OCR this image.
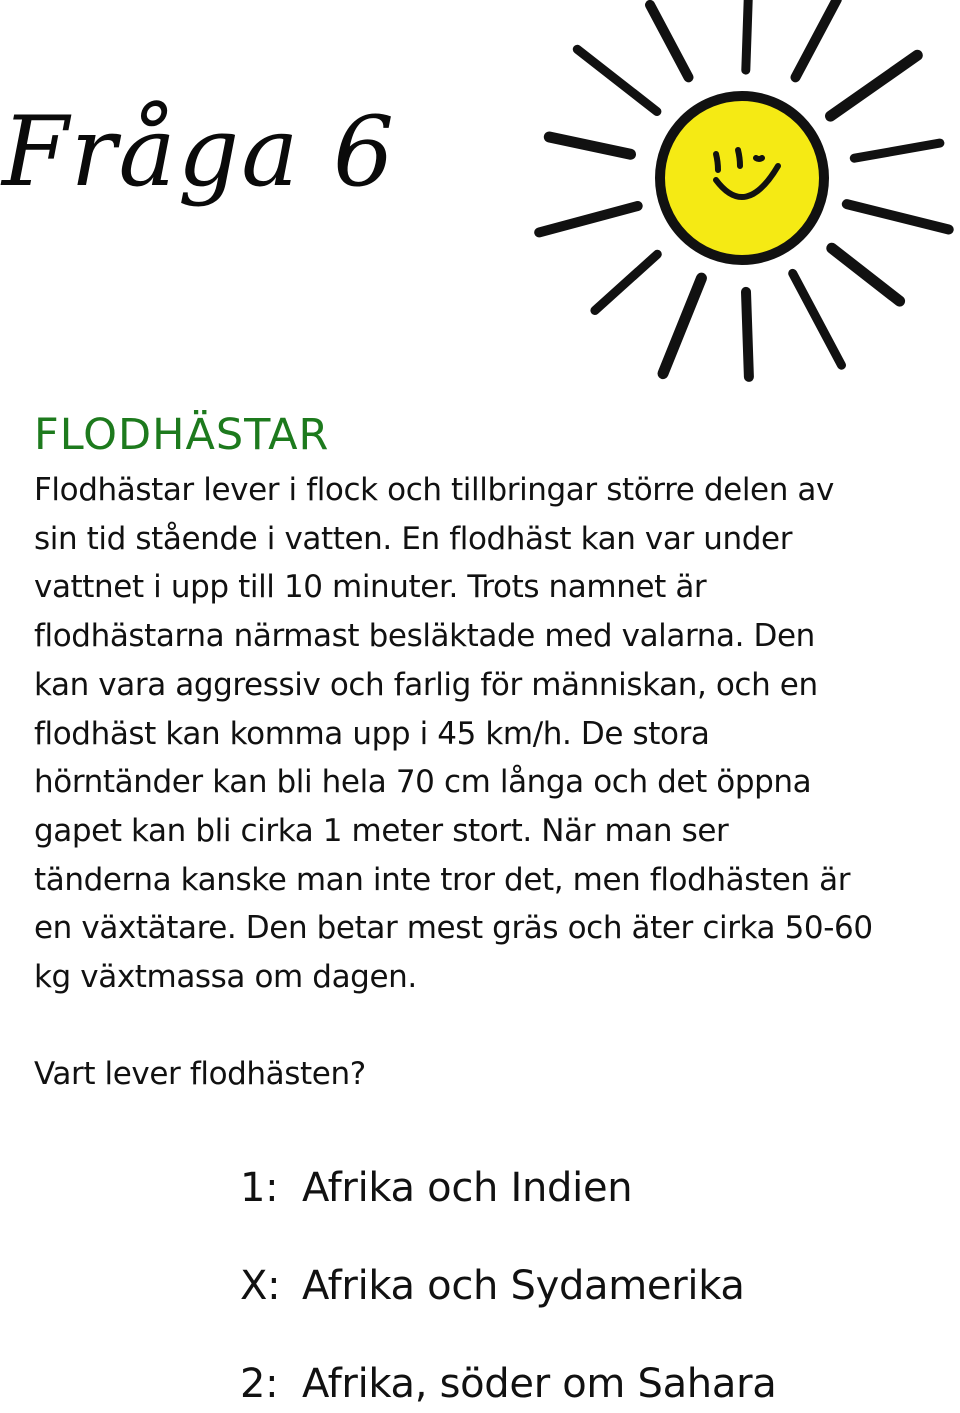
Fråga 6
FLODHÄSTAR

Flodhästar lever i flock och tillbringar större delen av
sin tid stående i vatten. En flodhäst kan var under
vattnet i upp till 10 minuter. Trots namnet är
flodhästarna närmast besläktade med valarna. Den
kan vara aggressiv och farlig för människan, och en
flodhäst kan komma upp i 45 km/h. De stora
hörntänder kan bli hela 70 cm långa och det öppna
gapet kan bli cirka 1 meter stort. När man ser
tänderna kanske man inte tror det, men flodhästen är
en växtätare. Den betar mest gräs och äter cirka 50-60
kg växtmassa om dagen.

Vart lever flodhästen?

1: Afrika och Indien
X: Afrika och Sydamerika
2: Afrika, söder om Sahara
